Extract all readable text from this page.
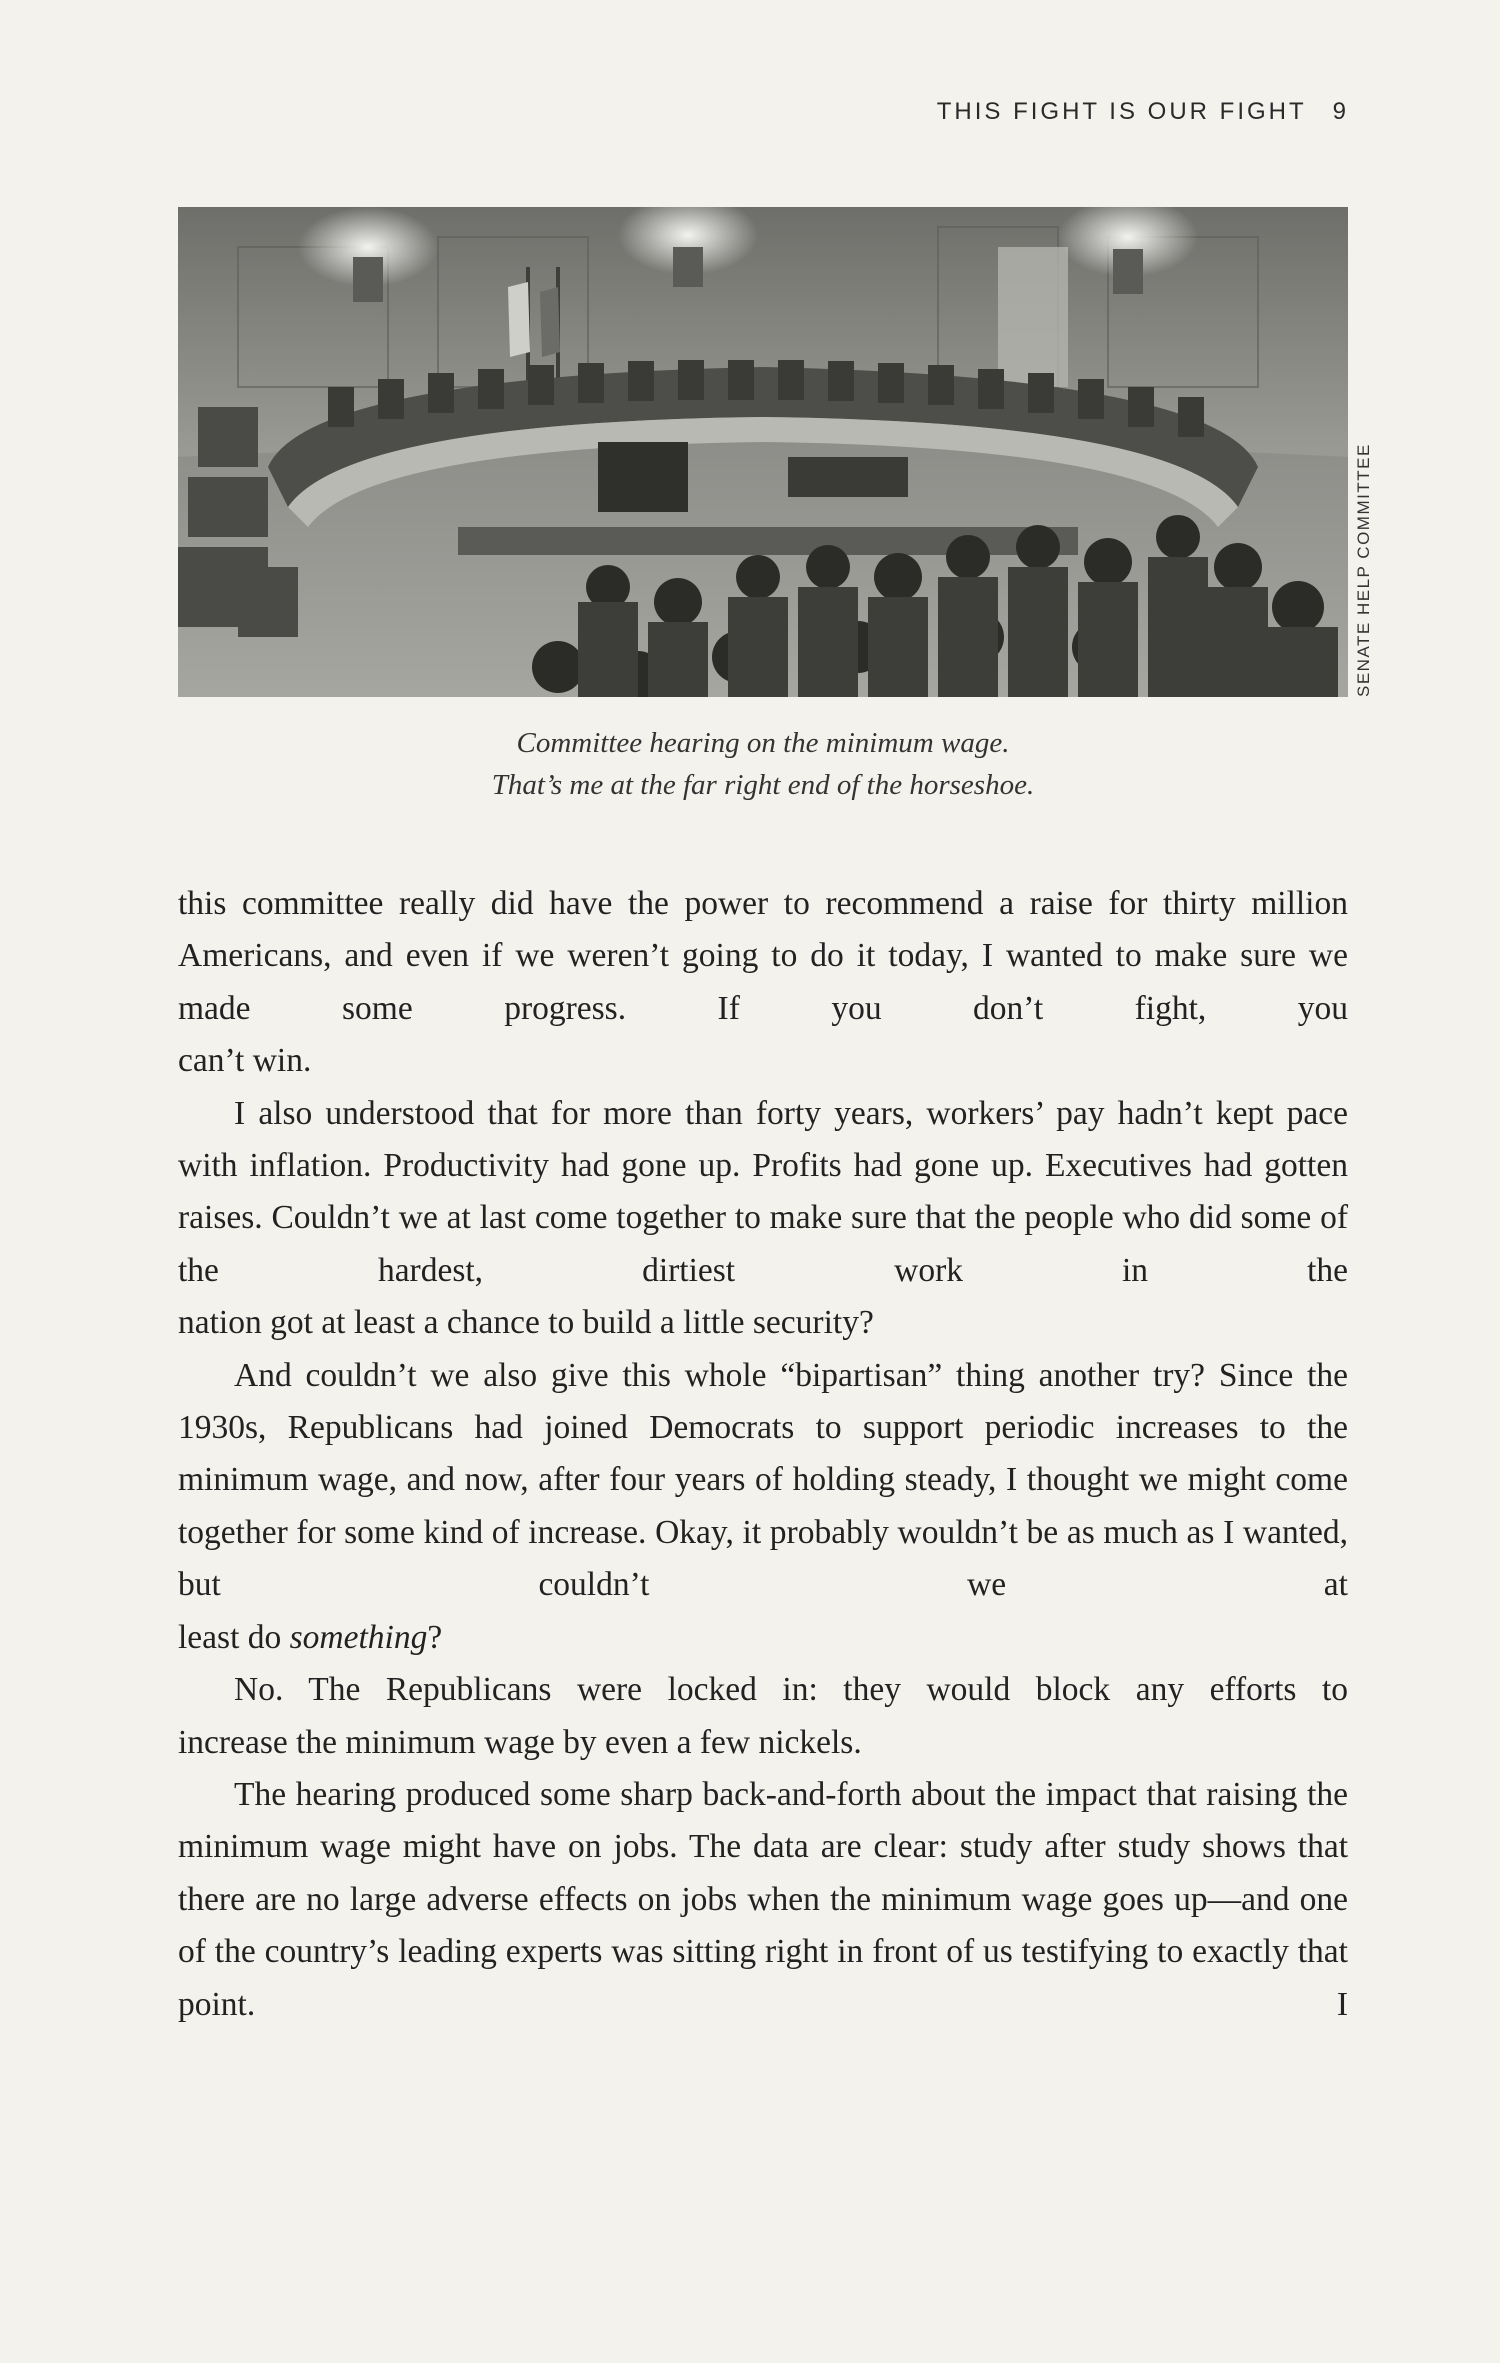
THIS FIGHT IS OUR FIGHT 9
SENATE HELP COMMITTEE
Committee hearing on the minimum wage.
That’s me at the far right end of the horseshoe.

this committee really did have the power to recommend a raise for thirty million Americans, and even if we weren’t going to do it today, I wanted to make sure we made some progress. If you don’t fight, you

can’t win.

I also understood that for more than forty years, workers’ pay hadn’t kept pace with inflation. Productivity had gone up. Profits had gone up. Executives had gotten raises. Couldn’t we at last come together to make sure that the people who did some of the hardest, dirtiest work in the

nation got at least a chance to build a little security?

And couldn’t we also give this whole “bipartisan” thing another try? Since the 1930s, Republicans had joined Democrats to support periodic increases to the minimum wage, and now, after four years of holding steady, I thought we might come together for some kind of increase. Okay, it probably wouldn’t be as much as I wanted, but couldn’t we at

least do something?

No. The Republicans were locked in: they would block any efforts to

increase the minimum wage by even a few nickels.

The hearing produced some sharp back-and-forth about the impact that raising the minimum wage might have on jobs. The data are clear: study after study shows that there are no large adverse effects on jobs when the minimum wage goes up—and one of the country’s leading experts was sitting right in front of us testifying to exactly that point. I
